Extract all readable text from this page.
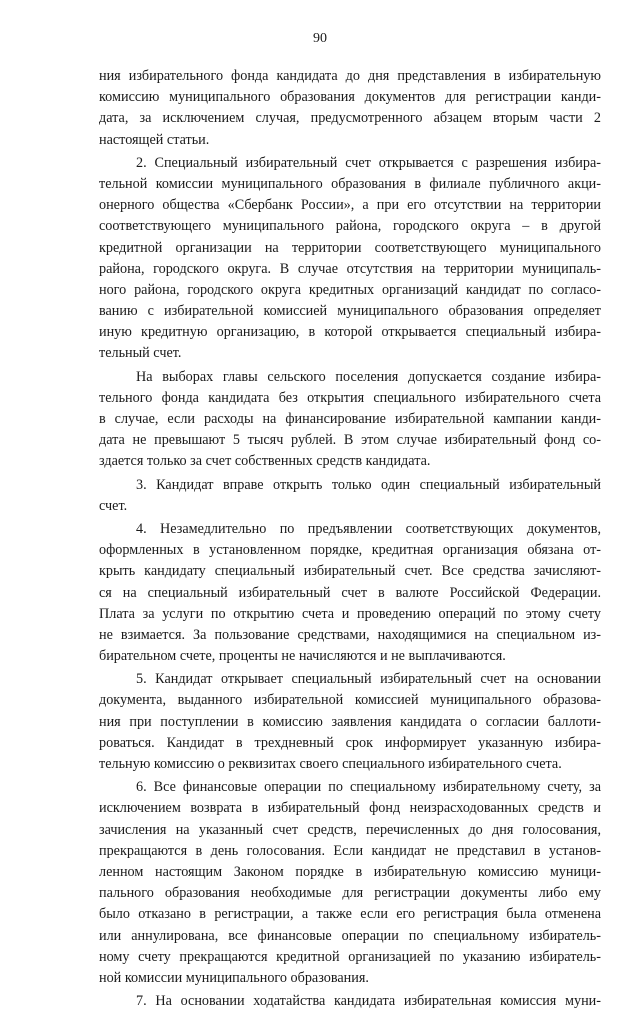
90
ния избирательного фонда кандидата до дня представления в избирательную
комиссию муниципального образования документов для регистрации канди-
дата, за исключением случая, предусмотренного абзацем вторым части 2
настоящей статьи.
2. Специальный избирательный счет открывается с разрешения избира-
тельной комиссии муниципального образования в филиале публичного акци-
онерного общества «Сбербанк России», а при его отсутствии на территории
соответствующего муниципального района, городского округа – в другой
кредитной организации на территории соответствующего муниципального
района, городского округа. В случае отсутствия на территории муниципаль-
ного района, городского округа кредитных организаций кандидат по согласо-
ванию с избирательной комиссией муниципального образования определяет
иную кредитную организацию, в которой открывается специальный избира-
тельный счет.
На выборах главы сельского поселения допускается создание избира-
тельного фонда кандидата без открытия специального избирательного счета
в случае, если расходы на финансирование избирательной кампании канди-
дата не превышают 5 тысяч рублей. В этом случае избирательный фонд со-
здается только за счет собственных средств кандидата.
3. Кандидат вправе открыть только один специальный избирательный
счет.
4. Незамедлительно по предъявлении соответствующих документов,
оформленных в установленном порядке, кредитная организация обязана от-
крыть кандидату специальный избирательный счет. Все средства зачисляют-
ся на специальный избирательный счет в валюте Российской Федерации.
Плата за услуги по открытию счета и проведению операций по этому счету
не взимается. За пользование средствами, находящимися на специальном из-
бирательном счете, проценты не начисляются и не выплачиваются.
5. Кандидат открывает специальный избирательный счет на основании
документа, выданного избирательной комиссией муниципального образова-
ния при поступлении в комиссию заявления кандидата о согласии баллоти-
роваться. Кандидат в трехдневный срок информирует указанную избира-
тельную комиссию о реквизитах своего специального избирательного счета.
6. Все финансовые операции по специальному избирательному счету, за
исключением возврата в избирательный фонд неизрасходованных средств и
зачисления на указанный счет средств, перечисленных до дня голосования,
прекращаются в день голосования. Если кандидат не представил в установ-
ленном настоящим Законом порядке в избирательную комиссию муници-
пального образования необходимые для регистрации документы либо ему
было отказано в регистрации, а также если его регистрация была отменена
или аннулирована, все финансовые операции по специальному избиратель-
ному счету прекращаются кредитной организацией по указанию избиратель-
ной комиссии муниципального образования.
7. На основании ходатайства кандидата избирательная комиссия муни-
